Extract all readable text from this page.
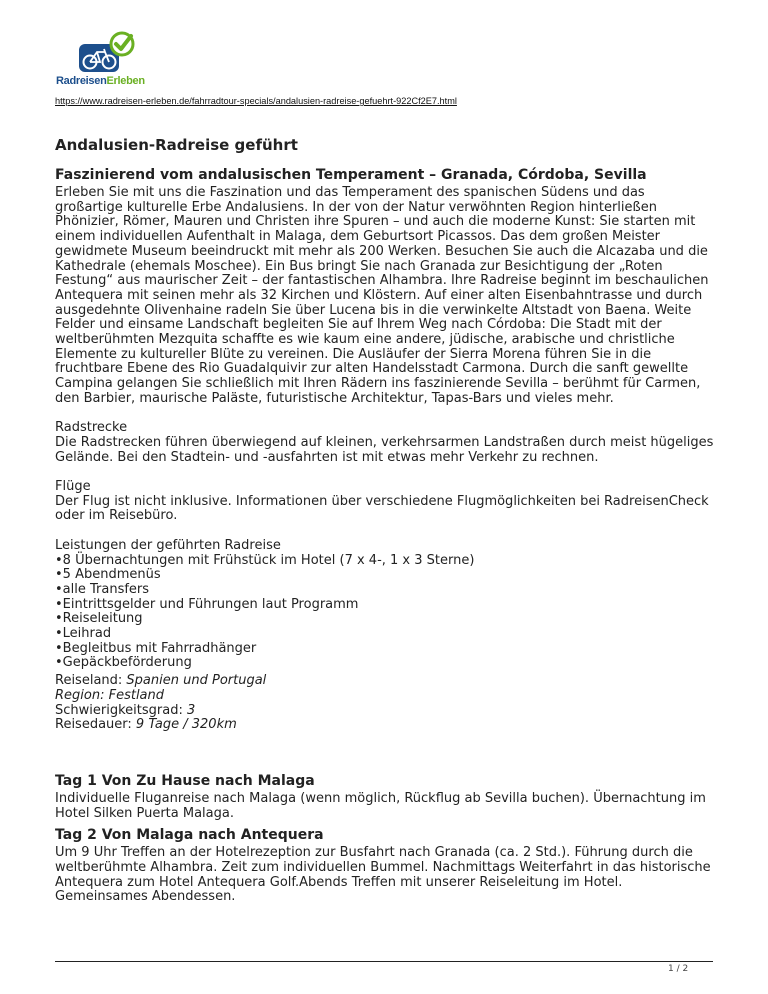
RadreisenErleben
https://www.radreisen-erleben.de/fahrradtour-specials/andalusien-radreise-gefuehrt-922Cf2E7.html
Andalusien-Radreise geführt
Faszinierend vom andalusischen Temperament – Granada, Córdoba, Sevilla

Erleben Sie mit uns die Faszination und das Temperament des spanischen Südens und das großartige kulturelle Erbe Andalusiens. In der von der Natur verwöhnten Region hinterließen Phönizier, Römer, Mauren und Christen ihre Spuren – und auch die moderne Kunst: Sie starten mit einem individuellen Aufenthalt in Malaga, dem Geburtsort Picassos. Das dem großen Meister gewidmete Museum beeindruckt mit mehr als 200 Werken. Besuchen Sie auch die Alcazaba und die Kathedrale (ehemals Moschee). Ein Bus bringt Sie nach Granada zur Besichtigung der „Roten Festung“ aus maurischer Zeit – der fantastischen Alhambra. Ihre Radreise beginnt im beschaulichen Antequera mit seinen mehr als 32 Kirchen und Klöstern. Auf einer alten Eisenbahntrasse und durch ausgedehnte Olivenhaine radeln Sie über Lucena bis in die verwinkelte Altstadt von Baena. Weite Felder und einsame Landschaft begleiten Sie auf Ihrem Weg nach Córdoba: Die Stadt mit der weltberühmten Mezquita schaffte es wie kaum eine andere, jüdische, arabische und christliche Elemente zu kultureller Blüte zu vereinen. Die Ausläufer der Sierra Morena führen Sie in die fruchtbare Ebene des Rio Guadalquivir zur alten Handelsstadt Carmona. Durch die sanft gewellte Campina gelangen Sie schließlich mit Ihren Rädern ins faszinierende Sevilla – berühmt für Carmen, den Barbier, maurische Paläste, futuristische Architektur, Tapas-Bars und vieles mehr.

Radstrecke

Die Radstrecken führen überwiegend auf kleinen, verkehrsarmen Landstraßen durch meist hügeliges Gelände. Bei den Stadtein- und -ausfahrten ist mit etwas mehr Verkehr zu rechnen.

Flüge

Der Flug ist nicht inklusive. Informationen über verschiedene Flugmöglichkeiten bei RadreisenCheck oder im Reisebüro.

Leistungen der geführten Radreise

• 8 Übernachtungen mit Frühstück im Hotel (7 x 4-, 1 x 3 Sterne)
• 5 Abendmenüs
• alle Transfers
• Eintrittsgelder und Führungen laut Programm
• Reiseleitung
• Leihrad
• Begleitbus mit Fahrradhänger
• Gepäckbeförderung
Reiseland: Spanien und Portugal
Region: Festland
Schwierigkeitsgrad: 3
Reisedauer: 9 Tage / 320km
Tag 1 Von Zu Hause nach Malaga

Individuelle Fluganreise nach Malaga (wenn möglich, Rückflug ab Sevilla buchen). Übernachtung im Hotel Silken Puerta Malaga.

Tag 2 Von Malaga nach Antequera

Um 9 Uhr Treffen an der Hotelrezeption zur Busfahrt nach Granada (ca. 2 Std.). Führung durch die weltberühmte Alhambra. Zeit zum individuellen Bummel. Nachmittags Weiterfahrt in das historische Antequera zum Hotel Antequera Golf.Abends Treffen mit unserer Reiseleitung im Hotel. Gemeinsames Abendessen.

1 / 2
